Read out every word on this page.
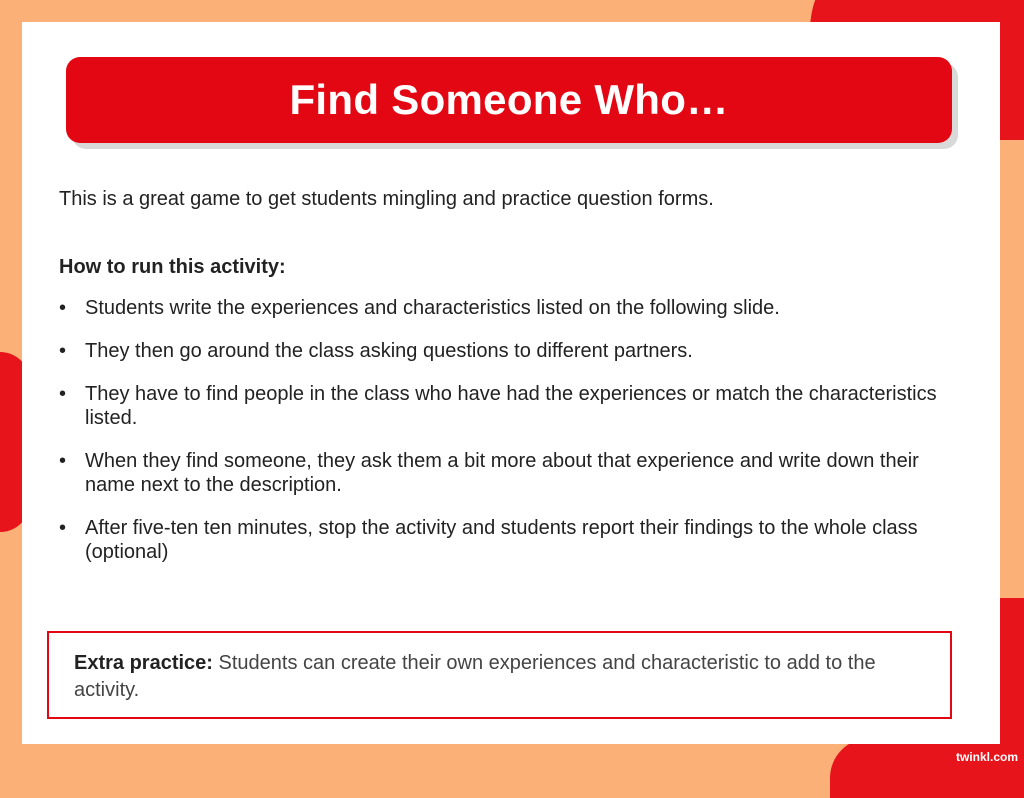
Find Someone Who…
This is a great game to get students mingling and practice question forms.
How to run this activity:
• Students write the experiences and characteristics listed on the following slide.
• They then go around the class asking questions to different partners.
• They have to find people in the class who have had the experiences or match the characteristics listed.
• When they find someone, they ask them a bit more about that experience and write down their name next to the description.
• After five-ten ten minutes, stop the activity and students report their findings to the whole class (optional)
Extra practice: Students can create their own experiences and characteristic to add to the activity.
twinkl.com
